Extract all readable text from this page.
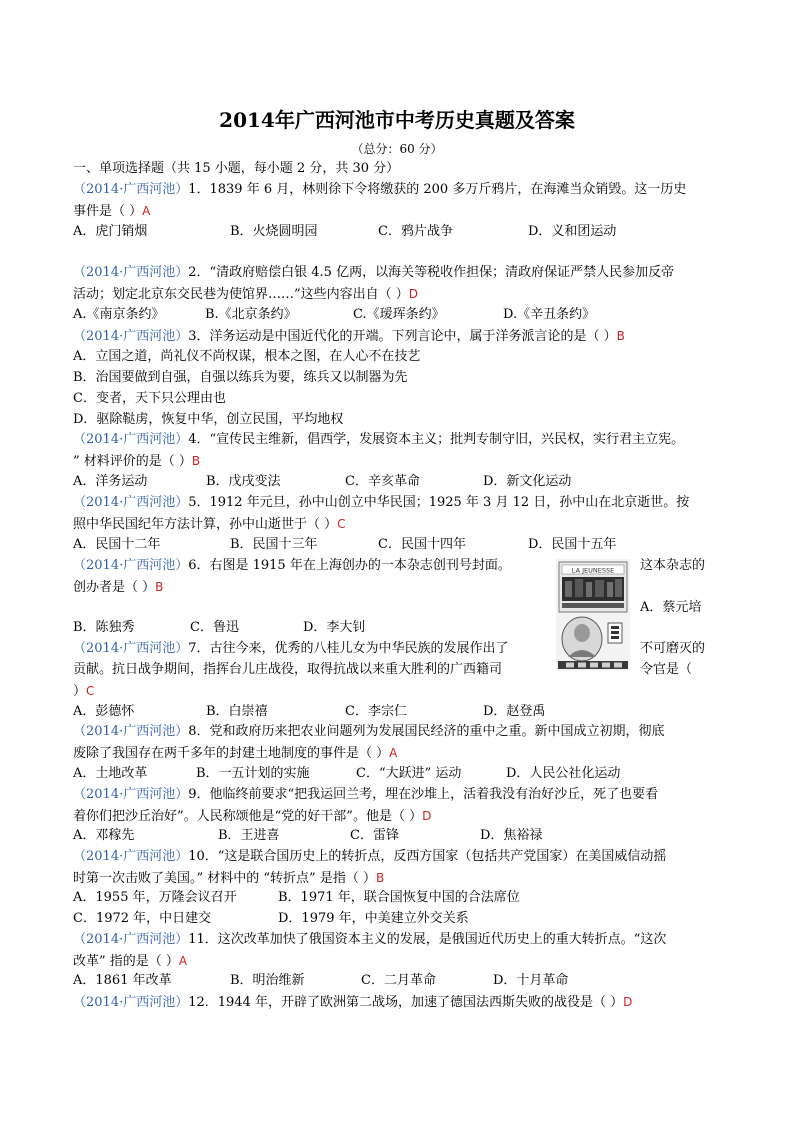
2014年广西河池市中考历史真题及答案
（总分：60 分）
一、单项选择题（共 15 小题，每小题 2 分，共 30 分）
（2014·广西河池）1．1839 年 6 月，林则徐下令将缴获的 200 多万斤鸦片，在海滩当众销毁。这一历史
事件是（ ）A
A．虎门销烟	B．火烧圆明园	C．鸦片战争	D．义和团运动
（2014·广西河池）2．“清政府赔偿白银 4.5 亿两，以海关等税收作担保；清政府保证严禁人民参加反帝
活动；划定北京东交民巷为使馆界……”这些内容出自（ ）D
A.《南京条约》	B.《北京条约》	C.《瑷珲条约》	D.《辛丑条约》
（2014·广西河池）3．洋务运动是中国近代化的开端。下列言论中，属于洋务派言论的是（ ）B
A．立国之道，尚礼仪不尚权谋，根本之图，在人心不在技艺
B．治国要做到自强，自强以练兵为要，练兵又以制器为先
C．变者，天下只公理由也
D．驱除鞑虏，恢复中华，创立民国，平均地权
（2014·广西河池）4．“宣传民主维新，倡西学，发展资本主义；批判专制守旧，兴民权，实行君主立宪。
” 材料评价的是（ ）B
A．洋务运动	B．戊戌变法	C．辛亥革命	D．新文化运动
（2014·广西河池）5．1912 年元旦，孙中山创立中华民国；1925 年 3 月 12 日，孙中山在北京逝世。按
照中华民国纪年方法计算，孙中山逝世于（ ）C
A．民国十二年	B．民国十三年	C．民国十四年	D．民国十五年
（2014·广西河池）6．右图是 1915 年在上海创办的一本杂志创刊号封面。	这本杂志的
创办者是（ ）B
A．蔡元培
B．陈独秀	C．鲁迅	D．李大钊
LA JEUNESSE
（2014·广西河池）7．古往今来，优秀的八桂儿女为中华民族的发展作出了	不可磨灭的
贡献。抗日战争期间，指挥台儿庄战役，取得抗战以来重大胜利的广西籍司	令官是（
）C
A．彭德怀	B．白崇禧	C．李宗仁	D．赵登禹
（2014·广西河池）8．党和政府历来把农业问题列为发展国民经济的重中之重。新中国成立初期，彻底
废除了我国存在两千多年的封建土地制度的事件是（ ）A
A．土地改革	B．一五计划的实施	C．“大跃进” 运动	D．人民公社化运动
（2014·广西河池）9．他临终前要求“把我运回兰考，埋在沙堆上，活着我没有治好沙丘，死了也要看
着你们把沙丘治好”。人民称颂他是“党的好干部”。他是（ ）D
A．邓稼先	B．王进喜	C．雷锋	D．焦裕禄
（2014·广西河池）10．“这是联合国历史上的转折点，反西方国家（包括共产党国家）在美国威信动摇
时第一次击败了美国。” 材料中的 “转折点” 是指（ ）B
A．1955 年，万隆会议召开	B．1971 年，联合国恢复中国的合法席位
C．1972 年，中日建交	D．1979 年，中美建立外交关系
（2014·广西河池）11．这次改革加快了俄国资本主义的发展，是俄国近代历史上的重大转折点。“这次
改革” 指的是（ ）A
A．1861 年改革	B．明治维新	C．二月革命	D．十月革命
（2014·广西河池）12．1944 年，开辟了欧洲第二战场，加速了德国法西斯失败的战役是（ ）D
